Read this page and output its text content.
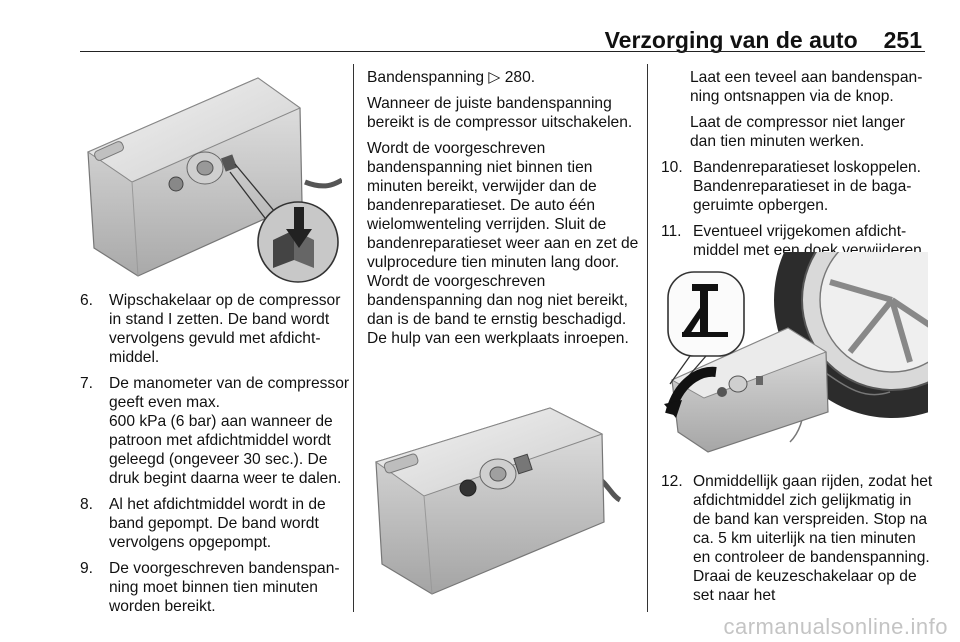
Verzorging van de auto 251
6. Wipschakelaar op de compressor in stand I zetten. De band wordt vervolgens gevuld met afdichtmiddel.
7. De manometer van de compressor geeft even max.
600 kPa (6 bar) aan wanneer de patroon met afdichtmiddel wordt geleegd (ongeveer 30 sec.). De druk begint daarna weer te dalen.
8. Al het afdichtmiddel wordt in de band gepompt. De band wordt vervolgens opgepompt.
9. De voorgeschreven bandenspanning moet binnen tien minuten worden bereikt.

Bandenspanning ▷ 280.

Wanneer de juiste bandenspanning bereikt is de compressor uitschakelen.

Wordt de voorgeschreven bandenspanning niet binnen tien minuten bereikt, verwijder dan de bandenreparatieset. De auto één wielomwenteling verrijden. Sluit de bandenreparatieset weer aan en zet de vulprocedure tien minuten lang door. Wordt de voorgeschreven bandenspanning dan nog niet bereikt, dan is de band te ernstig beschadigd. De hulp van een werkplaats inroepen.

Laat een teveel aan bandenspanning ontsnappen via de knop.

Laat de compressor niet langer dan tien minuten werken.

10. Bandenreparatieset loskoppelen. Bandenreparatieset in de bagageruimte opbergen.
11. Eventueel vrijgekomen afdichtmiddel met een doek verwijderen.
12. Onmiddellijk gaan rijden, zodat het afdichtmiddel zich gelijkmatig in de band kan verspreiden. Stop na ca. 5 km uiterlijk na tien minuten en controleer de bandenspanning. Draai de keuzeschakelaar op de set naar het
carmanualsonline.info
